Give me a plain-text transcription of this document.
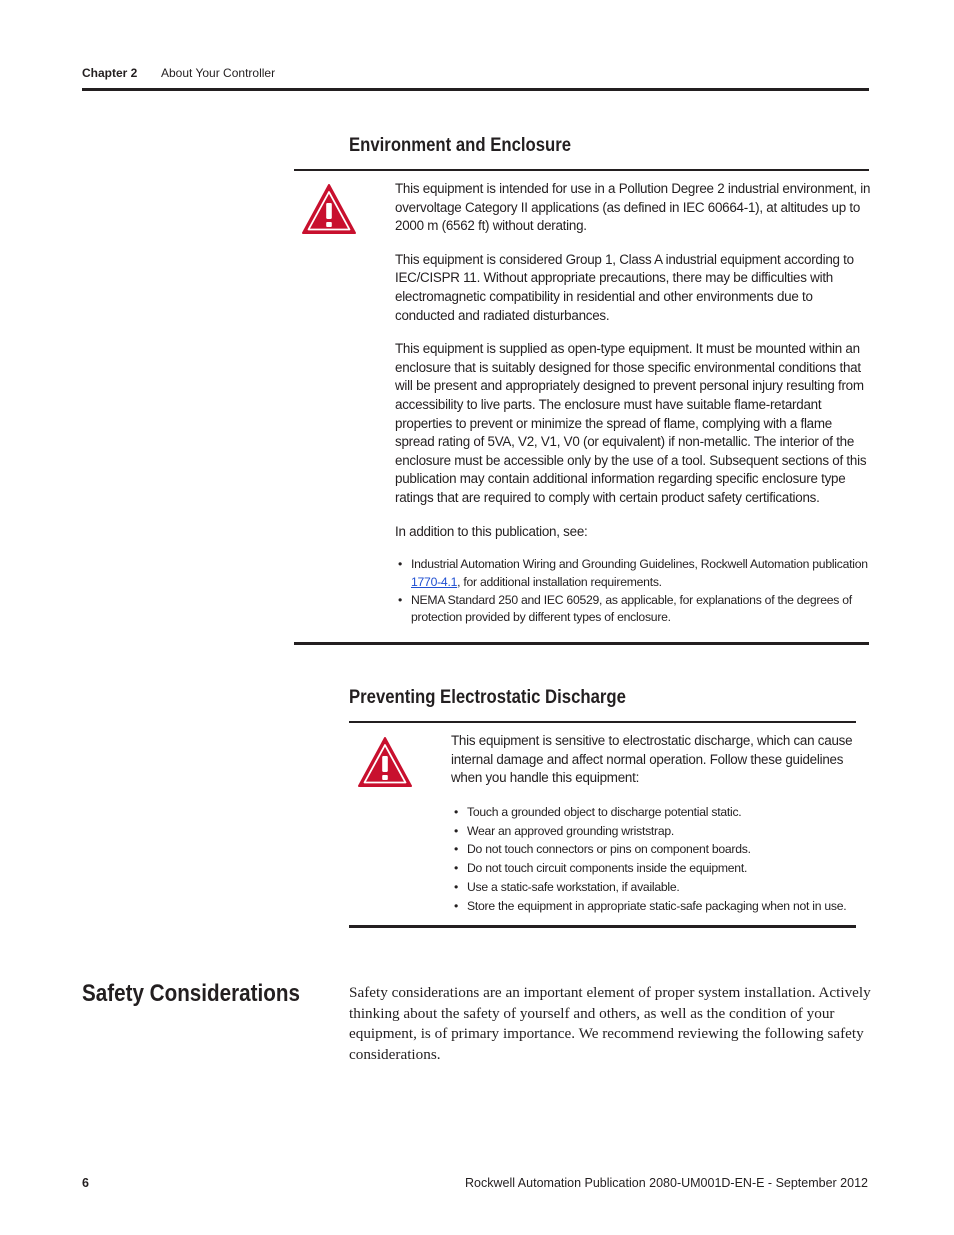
Chapter 2 About Your Controller
Environment and Enclosure

This equipment is intended for use in a Pollution Degree 2 industrial environment, in overvoltage Category II applications (as defined in IEC 60664-1), at altitudes up to 2000 m (6562 ft) without derating.

This equipment is considered Group 1, Class A industrial equipment according to IEC/CISPR 11. Without appropriate precautions, there may be difficulties with electromagnetic compatibility in residential and other environments due to conducted and radiated disturbances.

This equipment is supplied as open-type equipment. It must be mounted within an enclosure that is suitably designed for those specific environmental conditions that will be present and appropriately designed to prevent personal injury resulting from accessibility to live parts. The enclosure must have suitable flame-retardant properties to prevent or minimize the spread of flame, complying with a flame spread rating of 5VA, V2, V1, V0 (or equivalent) if non-metallic. The interior of the enclosure must be accessible only by the use of a tool. Subsequent sections of this publication may contain additional information regarding specific enclosure type ratings that are required to comply with certain product safety certifications.

In addition to this publication, see:

• Industrial Automation Wiring and Grounding Guidelines, Rockwell Automation publication 1770-4.1, for additional installation requirements.
• NEMA Standard 250 and IEC 60529, as applicable, for explanations of the degrees of protection provided by different types of enclosure.
Preventing Electrostatic Discharge

This equipment is sensitive to electrostatic discharge, which can cause internal damage and affect normal operation. Follow these guidelines when you handle this equipment:

• Touch a grounded object to discharge potential static.
• Wear an approved grounding wriststrap.
• Do not touch connectors or pins on component boards.
• Do not touch circuit components inside the equipment.
• Use a static-safe workstation, if available.
• Store the equipment in appropriate static-safe packaging when not in use.
Safety Considerations	Safety considerations are an important element of proper system installation. Actively thinking about the safety of yourself and others, as well as the condition of your equipment, is of primary importance. We recommend reviewing the following safety considerations.
6	Rockwell Automation Publication 2080-UM001D-EN-E - September 2012
